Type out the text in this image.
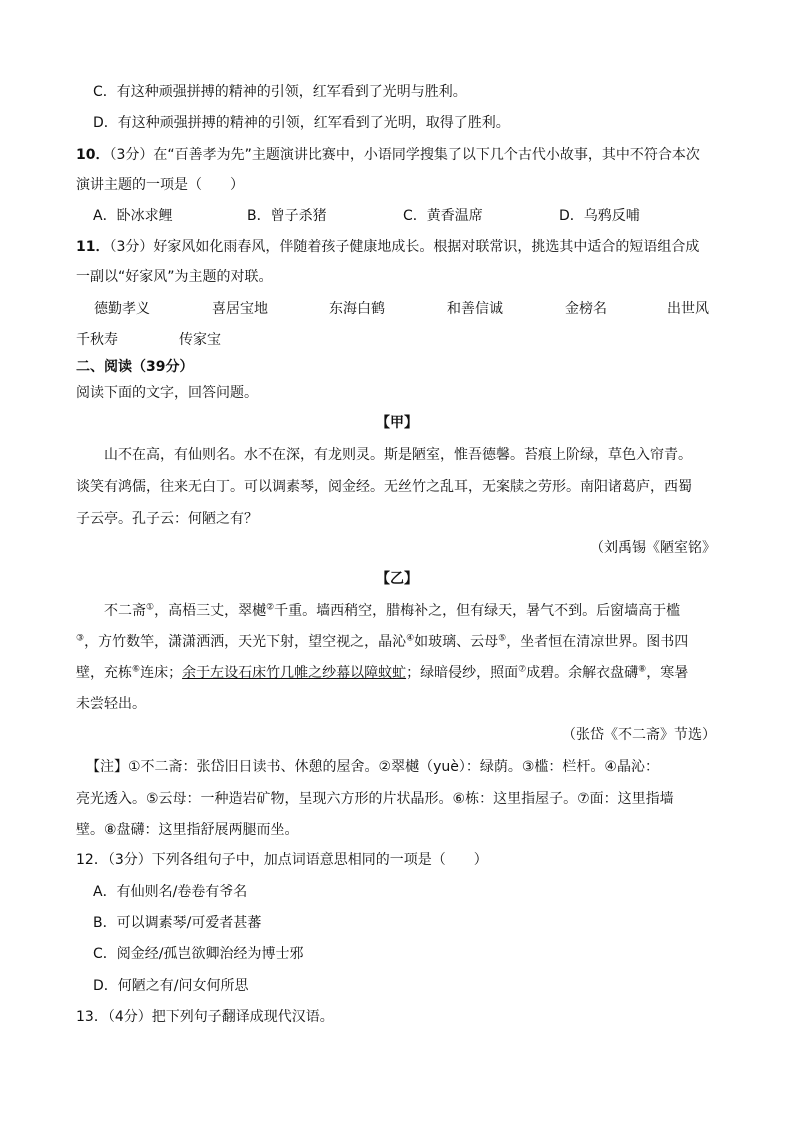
C．有这种顽强拼搏的精神的引领，红军看到了光明与胜利。
D．有这种顽强拼搏的精神的引领，红军看到了光明，取得了胜利。
10．（3分）在“百善孝为先”主题演讲比赛中，小语同学搜集了以下几个古代小故事，其中不符合本次
演讲主题的一项是（　　）
A．卧冰求鲤	B．曾子杀猪	C．黄香温席	D．乌鸦反哺
11．（3分）好家风如化雨春风，伴随着孩子健康地成长。根据对联常识，挑选其中适合的短语组合成
一副以“好家风”为主题的对联。
德勤孝义	喜居宝地	东海白鹤	和善信诚	金榜名	出世风
千秋寿	传家宝
二、阅读（39分）
阅读下面的文字，回答问题。
【甲】
山不在高，有仙则名。水不在深，有龙则灵。斯是陋室，惟吾德馨。苔痕上阶绿，草色入帘青。
谈笑有鸿儒，往来无白丁。可以调素琴，阅金经。无丝竹之乱耳，无案牍之劳形。南阳诸葛庐，西蜀
子云亭。孔子云：何陋之有？
（刘禹锡《陋室铭》
【乙】
不二斋①，高梧三丈，翠樾②千重。墙西稍空，腊梅补之，但有绿天，暑气不到。后窗墙高于槛
③，方竹数竿，潇潇洒洒，天光下射，望空视之，晶沁④如玻璃、云母⑤，坐者恒在清凉世界。图书四
壁，充栋⑥连床；余于左设石床竹几帷之纱幕以障蚊虻；绿暗侵纱，照面⑦成碧。余解衣盘礴⑧，寒暑
未尝轻出。
（张岱《不二斋》节选）
【注】①不二斋：张岱旧日读书、休憩的屋舍。②翠樾（yuè）：绿荫。③槛：栏杆。④晶沁：
亮光透入。⑤云母：一种造岩矿物，呈现六方形的片状晶形。⑥栋：这里指屋子。⑦面：这里指墙
壁。⑧盘礴：这里指舒展两腿而坐。
12．（3分）下列各组句子中，加点词语意思相同的一项是（　　）
A．有仙则名/卷卷有爷名
B．可以调素琴/可爱者甚蕃
C．阅金经/孤岂欲卿治经为博士邪
D．何陋之有/问女何所思
13．（4分）把下列句子翻译成现代汉语。
